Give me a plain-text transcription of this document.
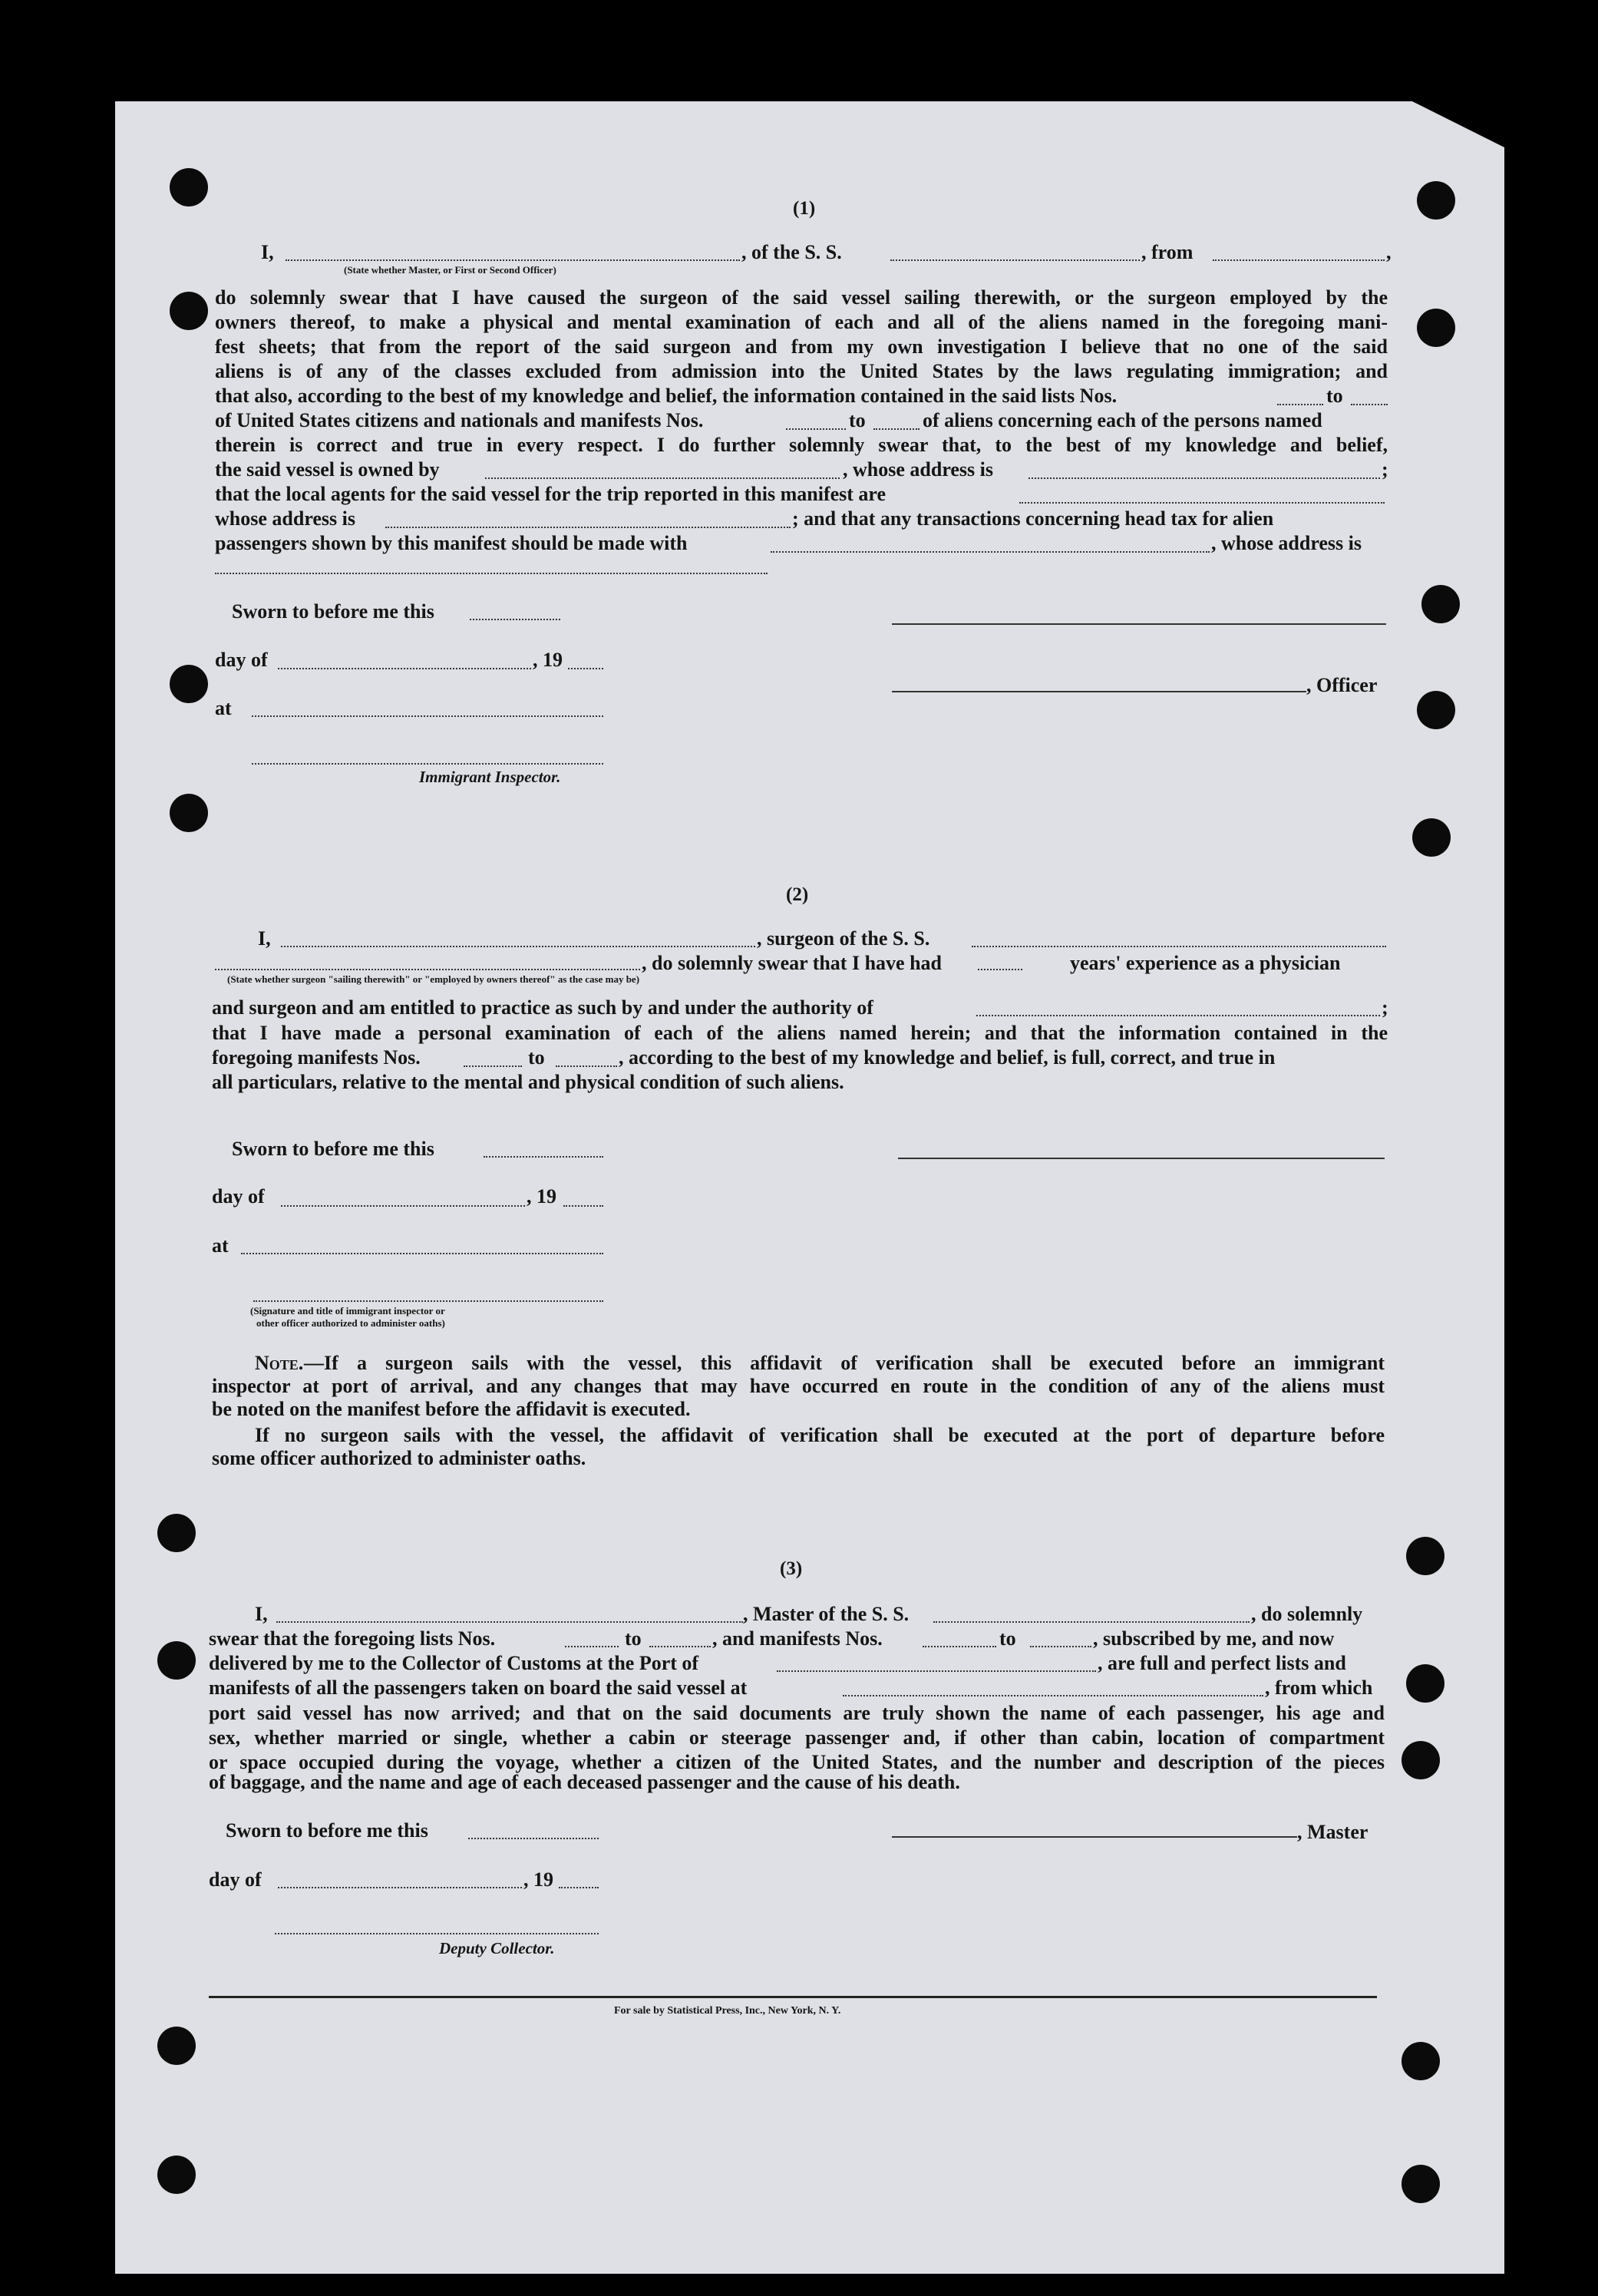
(1)
I,	, of the S. S.	, from	,
(State whether Master, or First or Second Officer)
do solemnly swear that I have caused the surgeon of the said vessel sailing therewith, or the surgeon employed by the
owners thereof, to make a physical and mental examination of each and all of the aliens named in the foregoing mani-
fest sheets; that from the report of the said surgeon and from my own investigation I believe that no one of the said
aliens is of any of the classes excluded from admission into the United States by the laws regulating immigration; and
that also, according to the best of my knowledge and belief, the information contained in the said lists Nos.	to
of United States citizens and nationals and manifests Nos.	to	of aliens concerning each of the persons named
therein is correct and true in every respect. I do further solemnly swear that, to the best of my knowledge and belief,
the said vessel is owned by	, whose address is	;
that the local agents for the said vessel for the trip reported in this manifest are
whose address is	; and that any transactions concerning head tax for alien
passengers shown by this manifest should be made with	, whose address is
Sworn to before me this
day of	, 19
, Officer
at
Immigrant Inspector.
(2)
I,	, surgeon of the S. S.
, do solemnly swear that I have had	years' experience as a physician
(State whether surgeon "sailing therewith" or "employed by owners thereof" as the case may be)
and surgeon and am entitled to practice as such by and under the authority of	;
that I have made a personal examination of each of the aliens named herein; and that the information contained in the
foregoing manifests Nos.	to	, according to the best of my knowledge and belief, is full, correct, and true in
all particulars, relative to the mental and physical condition of such aliens.
Sworn to before me this
day of	, 19
at
(Signature and title of immigrant inspector or
other officer authorized to administer oaths)
Note. —If a surgeon sails with the vessel, this affidavit of verification shall be executed before an immigrant
inspector at port of arrival, and any changes that may have occurred en route in the condition of any of the aliens must
be noted on the manifest before the affidavit is executed.
If no surgeon sails with the vessel, the affidavit of verification shall be executed at the port of departure before
some officer authorized to administer oaths.
(3)
I,	, Master of the S. S.	, do solemnly
swear that the foregoing lists Nos.	to	, and manifests Nos.	to	, subscribed by me, and now
delivered by me to the Collector of Customs at the Port of	, are full and perfect lists and
manifests of all the passengers taken on board the said vessel at	, from which
port said vessel has now arrived; and that on the said documents are truly shown the name of each passenger, his age and
sex, whether married or single, whether a cabin or steerage passenger and, if other than cabin, location of compartment
or space occupied during the voyage, whether a citizen of the United States, and the number and description of the pieces
of baggage, and the name and age of each deceased passenger and the cause of his death.
Sworn to before me this	, Master
day of	, 19
Deputy Collector.
For sale by Statistical Press, Inc., New York, N. Y.
